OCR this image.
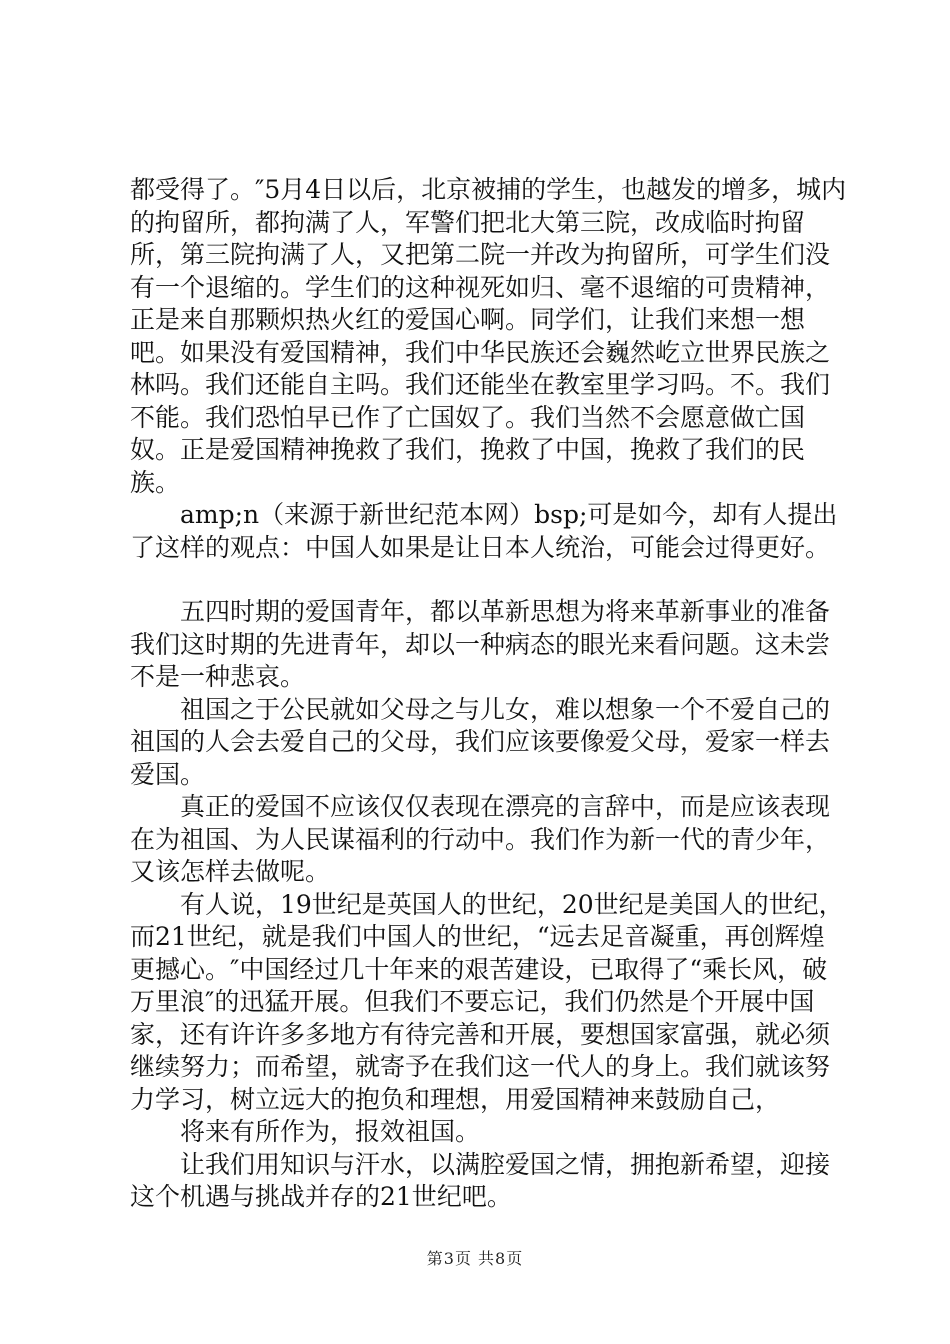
都受得了。″5月4日以后，北京被捕的学生，也越发的增多，城内的拘留所，都拘满了人，军警们把北大第三院，改成临时拘留所，第三院拘满了人，又把第二院一并改为拘留所，可学生们没有一个退缩的。学生们的这种视死如归、毫不退缩的可贵精神，正是来自那颗炽热火红的爱国心啊。同学们，让我们来想一想吧。如果没有爱国精神，我们中华民族还会巍然屹立世界民族之林吗。我们还能自主吗。我们还能坐在教室里学习吗。不。我们不能。我们恐怕早已作了亡国奴了。我们当然不会愿意做亡国奴。正是爱国精神挽救了我们，挽救了中国，挽救了我们的民族。

amp;n（来源于新世纪范本网）bsp;可是如今，却有人提出了这样的观点：中国人如果是让日本人统治，可能会过得更好。

五四时期的爱国青年，都以革新思想为将来革新事业的准备我们这时期的先进青年，却以一种病态的眼光来看问题。这未尝不是一种悲哀。

祖国之于公民就如父母之与儿女，难以想象一个不爱自己的祖国的人会去爱自己的父母，我们应该要像爱父母，爱家一样去爱国。

真正的爱国不应该仅仅表现在漂亮的言辞中，而是应该表现在为祖国、为人民谋福利的行动中。我们作为新一代的青少年，又该怎样去做呢。

有人说，19世纪是英国人的世纪，20世纪是美国人的世纪，而21世纪，就是我们中国人的世纪，“远去足音凝重，再创辉煌更撼心。″中国经过几十年来的艰苦建设，已取得了“乘长风，破万里浪″的迅猛开展。但我们不要忘记，我们仍然是个开展中国家，还有许许多多地方有待完善和开展，要想国家富强，就必须继续努力；而希望，就寄予在我们这一代人的身上。我们就该努力学习，树立远大的抱负和理想，用爱国精神来鼓励自己，

将来有所作为，报效祖国。

让我们用知识与汗水，以满腔爱国之情，拥抱新希望，迎接这个机遇与挑战并存的21世纪吧。

第3页 共8页
